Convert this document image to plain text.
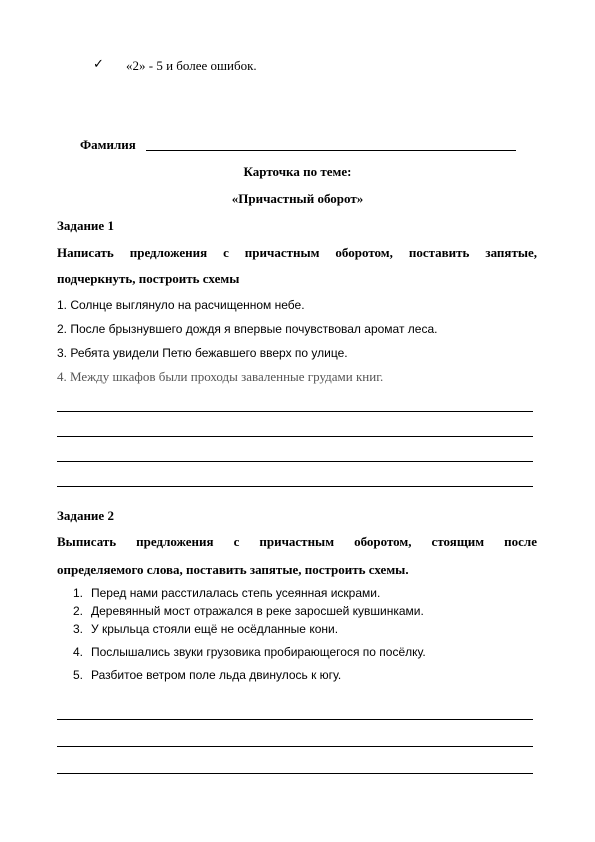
✓ «2» - 5 и более ошибок.
Фамилия
Карточка по теме:
«Причастный оборот»
Задание 1
Написать предложения с причастным оборотом, поставить запятые,
подчеркнуть, построить схемы
1. Солнце выглянуло на расчищенном небе.
2. После брызнувшего дождя я впервые почувствовал аромат леса.
3. Ребята увидели Петю бежавшего вверх по улице.
4. Между шкафов были проходы заваленные грудами книг.
Задание 2
Выписать предложения с причастным оборотом, стоящим после
определяемого слова, поставить запятые, построить схемы.
1. Перед нами расстилалась степь усеянная искрами.
2. Деревянный мост отражался в реке заросшей кувшинками.
3. У крыльца стояли ещё не осёдланные кони.
4. Послышались звуки грузовика пробирающегося по посёлку.
5. Разбитое ветром поле льда двинулось к югу.
